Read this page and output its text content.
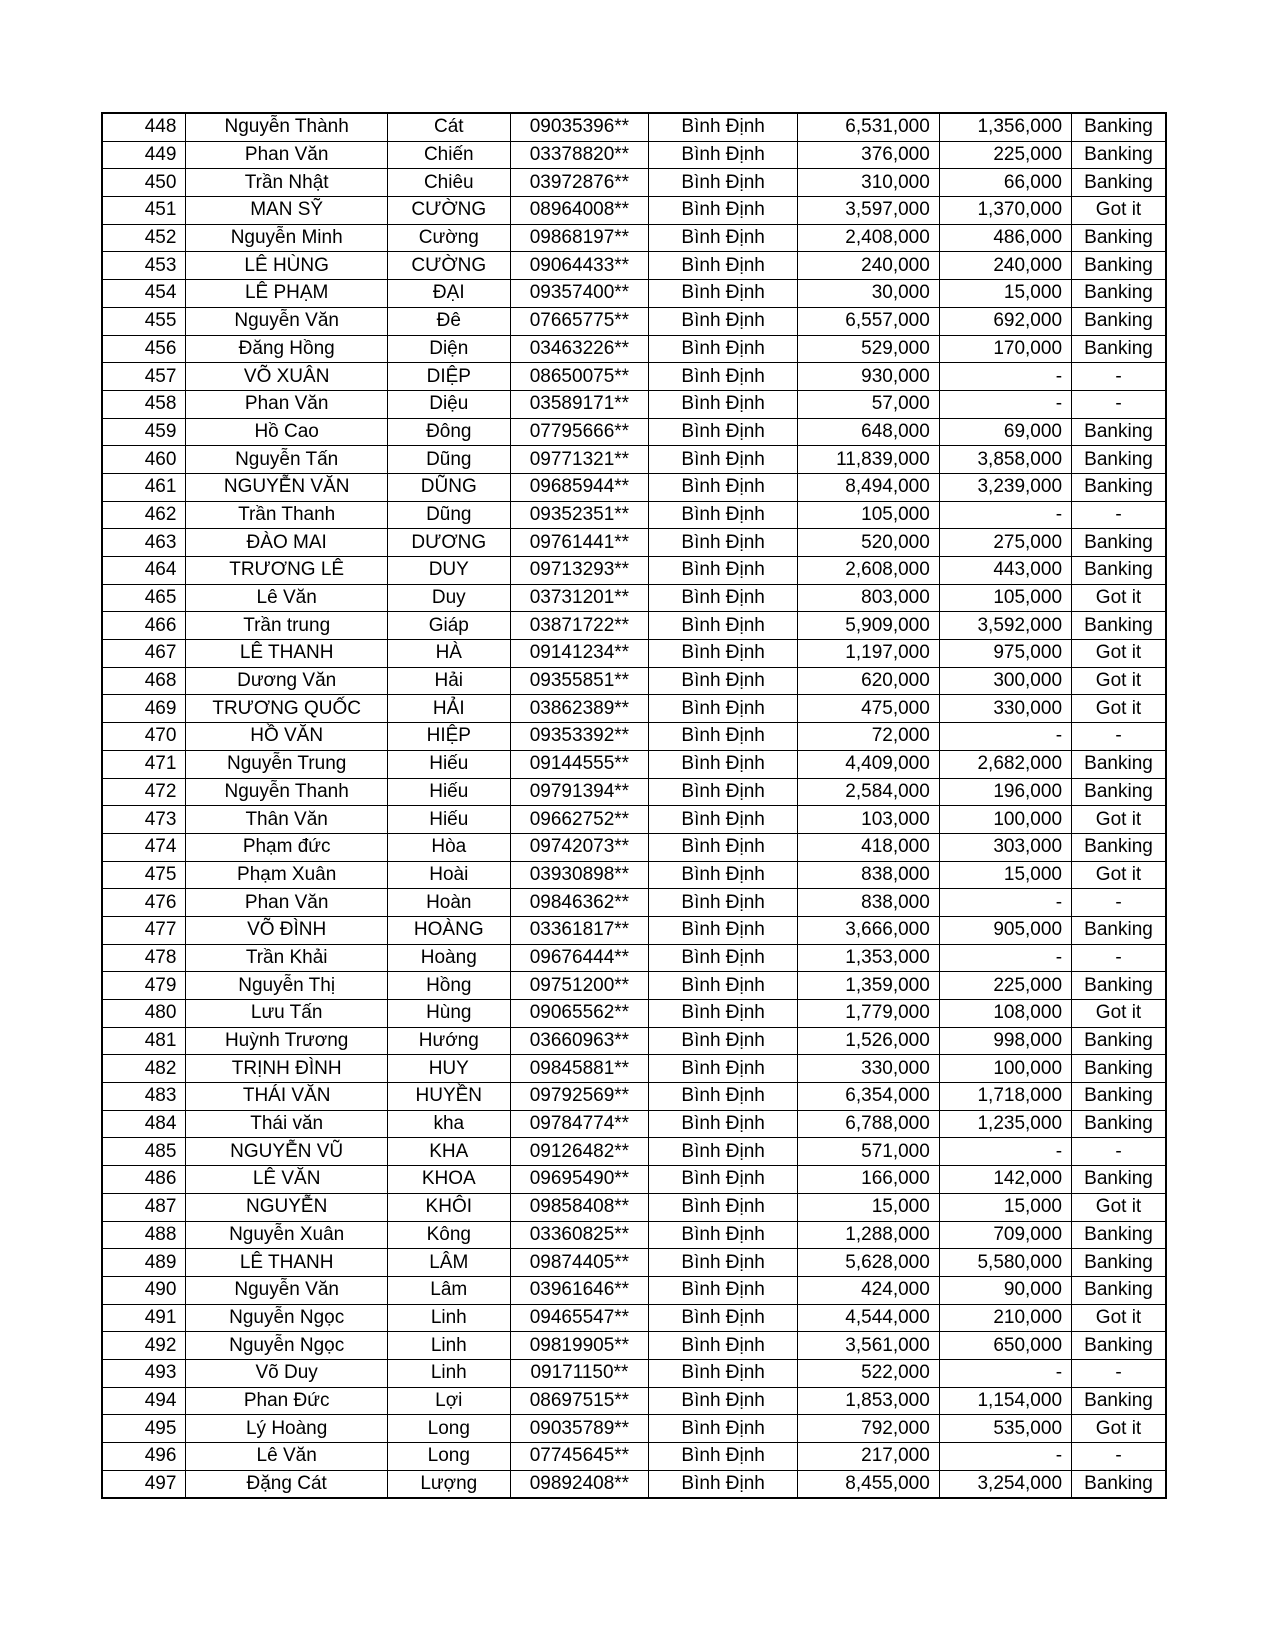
448	Nguyễn Thành	Cát	09035396**	Bình Định	6,531,000	1,356,000	Banking
449	Phan Văn	Chiến	03378820**	Bình Định	376,000	225,000	Banking
450	Trần Nhật	Chiêu	03972876**	Bình Định	310,000	66,000	Banking
451	MAN SỸ	CƯỜNG	08964008**	Bình Định	3,597,000	1,370,000	Got it
452	Nguyễn Minh	Cường	09868197**	Bình Định	2,408,000	486,000	Banking
453	LÊ HÙNG	CƯỜNG	09064433**	Bình Định	240,000	240,000	Banking
454	LÊ PHẠM	ĐẠI	09357400**	Bình Định	30,000	15,000	Banking
455	Nguyễn Văn	Đê	07665775**	Bình Định	6,557,000	692,000	Banking
456	Đăng Hồng	Diện	03463226**	Bình Định	529,000	170,000	Banking
457	VÕ XUÂN	DIỆP	08650075**	Bình Định	930,000	-	-
458	Phan Văn	Diệu	03589171**	Bình Định	57,000	-	-
459	Hồ Cao	Đông	07795666**	Bình Định	648,000	69,000	Banking
460	Nguyễn Tấn	Dũng	09771321**	Bình Định	11,839,000	3,858,000	Banking
461	NGUYỄN VĂN	DŨNG	09685944**	Bình Định	8,494,000	3,239,000	Banking
462	Trần Thanh	Dũng	09352351**	Bình Định	105,000	-	-
463	ĐÀO MAI	DƯƠNG	09761441**	Bình Định	520,000	275,000	Banking
464	TRƯƠNG LÊ	DUY	09713293**	Bình Định	2,608,000	443,000	Banking
465	Lê Văn	Duy	03731201**	Bình Định	803,000	105,000	Got it
466	Trần trung	Giáp	03871722**	Bình Định	5,909,000	3,592,000	Banking
467	LÊ THANH	HÀ	09141234**	Bình Định	1,197,000	975,000	Got it
468	Dương Văn	Hải	09355851**	Bình Định	620,000	300,000	Got it
469	TRƯƠNG QUỐC	HẢI	03862389**	Bình Định	475,000	330,000	Got it
470	HỒ VĂN	HIỆP	09353392**	Bình Định	72,000	-	-
471	Nguyễn Trung	Hiếu	09144555**	Bình Định	4,409,000	2,682,000	Banking
472	Nguyễn Thanh	Hiếu	09791394**	Bình Định	2,584,000	196,000	Banking
473	Thân Văn	Hiếu	09662752**	Bình Định	103,000	100,000	Got it
474	Phạm đức	Hòa	09742073**	Bình Định	418,000	303,000	Banking
475	Phạm Xuân	Hoài	03930898**	Bình Định	838,000	15,000	Got it
476	Phan Văn	Hoàn	09846362**	Bình Định	838,000	-	-
477	VÕ ĐÌNH	HOÀNG	03361817**	Bình Định	3,666,000	905,000	Banking
478	Trần Khải	Hoàng	09676444**	Bình Định	1,353,000	-	-
479	Nguyễn Thị	Hồng	09751200**	Bình Định	1,359,000	225,000	Banking
480	Lưu Tấn	Hùng	09065562**	Bình Định	1,779,000	108,000	Got it
481	Huỳnh Trương	Hướng	03660963**	Bình Định	1,526,000	998,000	Banking
482	TRỊNH ĐÌNH	HUY	09845881**	Bình Định	330,000	100,000	Banking
483	THÁI VĂN	HUYỀN	09792569**	Bình Định	6,354,000	1,718,000	Banking
484	Thái văn	kha	09784774**	Bình Định	6,788,000	1,235,000	Banking
485	NGUYỄN VŨ	KHA	09126482**	Bình Định	571,000	-	-
486	LÊ VĂN	KHOA	09695490**	Bình Định	166,000	142,000	Banking
487	NGUYỄN	KHÔI	09858408**	Bình Định	15,000	15,000	Got it
488	Nguyễn Xuân	Kông	03360825**	Bình Định	1,288,000	709,000	Banking
489	LÊ THANH	LÂM	09874405**	Bình Định	5,628,000	5,580,000	Banking
490	Nguyễn Văn	Lâm	03961646**	Bình Định	424,000	90,000	Banking
491	Nguyễn Ngọc	Linh	09465547**	Bình Định	4,544,000	210,000	Got it
492	Nguyễn Ngọc	Linh	09819905**	Bình Định	3,561,000	650,000	Banking
493	Võ Duy	Linh	09171150**	Bình Định	522,000	-	-
494	Phan Đức	Lợi	08697515**	Bình Định	1,853,000	1,154,000	Banking
495	Lý Hoàng	Long	09035789**	Bình Định	792,000	535,000	Got it
496	Lê Văn	Long	07745645**	Bình Định	217,000	-	-
497	Đặng Cát	Lượng	09892408**	Bình Định	8,455,000	3,254,000	Banking
